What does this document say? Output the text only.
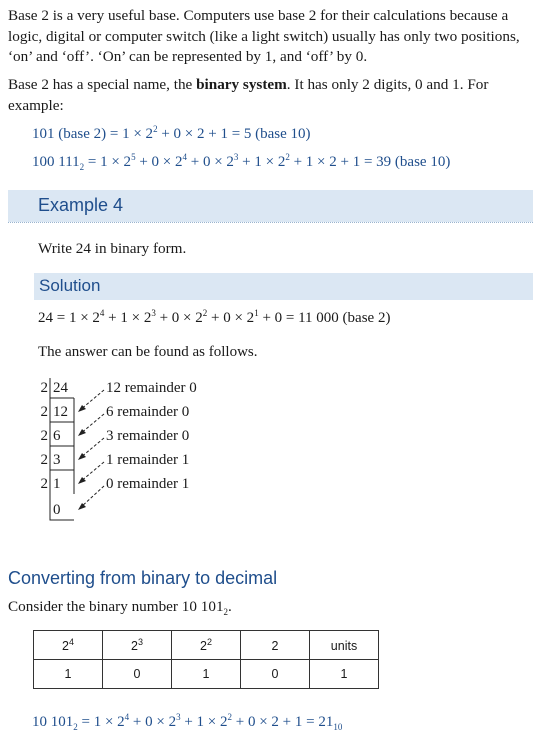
Base 2 is a very useful base. Computers use base 2 for their calculations because a logic, digital or computer switch (like a light switch) usually has only two positions, ‘on’ and ‘off’. ‘On’ can be represented by 1, and ‘off’ by 0.

Base 2 has a special name, the binary system. It has only 2 digits, 0 and 1. For example:

101 (base $2) = 1 \times 2^2 + 0 \times 2 + 1 = 5$ (base 10)
100 $111_2 = 1 \times 2^5 + 0 \times 2^4 + 0 \times 2^3 + 1 \times 2^2 + 1 \times 2 + 1 = 39$ (base 10)
Example 4
Write 24 in binary form.
Solution
$24 = 1 \times 2^4 + 1 \times 2^3 + 0 \times 2^2 + 0 \times 2^1 + 0 = 11$ 000 (base 2)
The answer can be found as follows.
2 24	12 remainder 0
2 12	6 remainder 0
2 6	3 remainder 0
2 3	1 remainder 1
2 1	0 remainder 1
0
Converting from binary to decimal
Consider the binary number 10 $101_2$.
$2^4$	$2^3$	$2^2$	2	units
1	0	1	0	1
10 $101_2 = 1 \times 2^4 + 0 \times 2^3 + 1 \times 2^2 + 0 \times 2 + 1 = 21_{10}$
